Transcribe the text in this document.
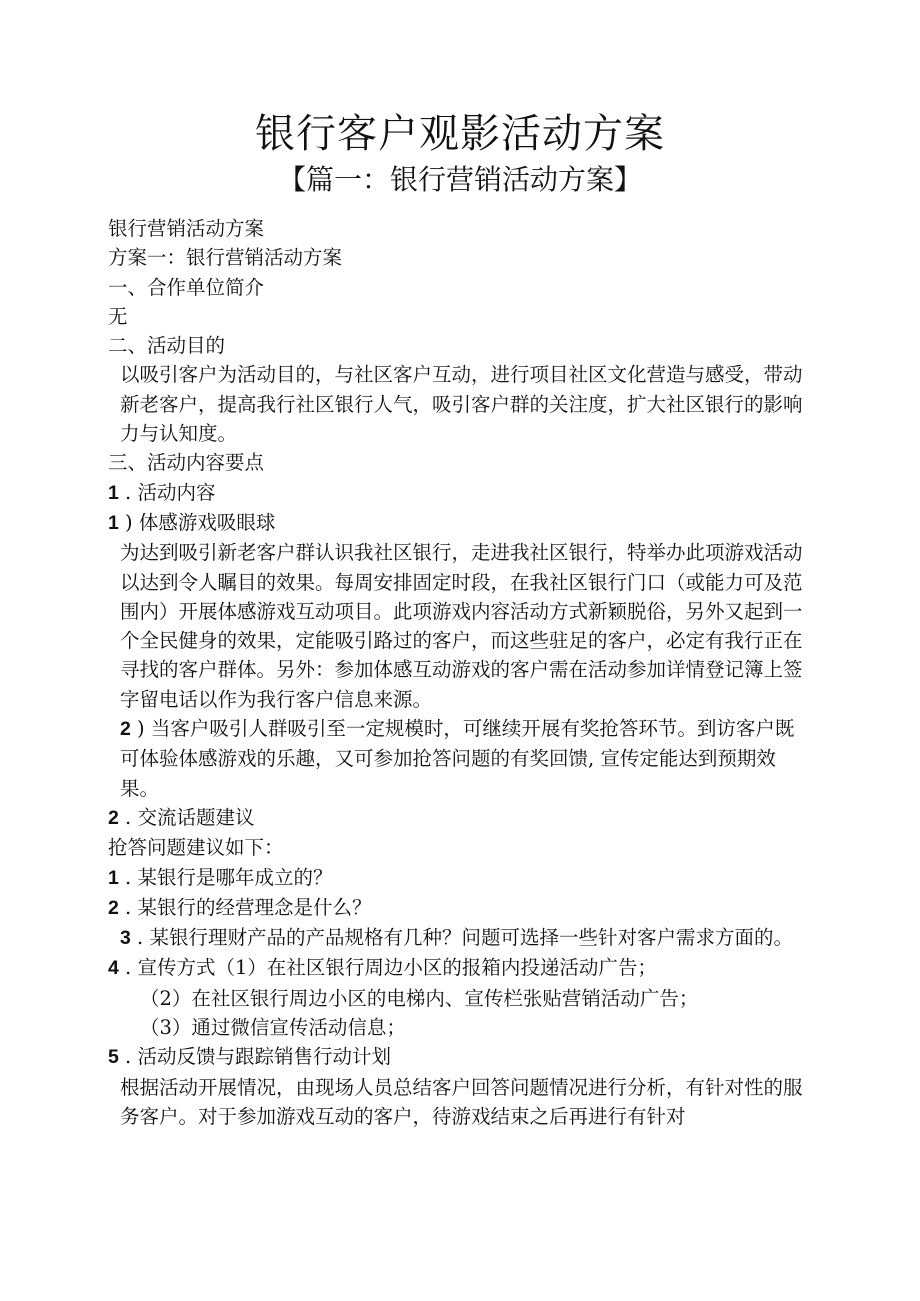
银行客户观影活动方案
【篇一：银行营销活动方案】

银行营销活动方案

方案一：银行营销活动方案

一、合作单位简介

无

二、活动目的

以吸引客户为活动目的，与社区客户互动，进行项目社区文化营造与感受，带动新老客户，提高我行社区银行人气，吸引客户群的关注度，扩大社区银行的影响力与认知度。

三、活动内容要点

1 . 活动内容

1 ) 体感游戏吸眼球

为达到吸引新老客户群认识我社区银行，走进我社区银行，特举办此项游戏活动以达到令人瞩目的效果。每周安排固定时段，在我社区银行门口（或能力可及范围内）开展体感游戏互动项目。此项游戏内容活动方式新颖脱俗，另外又起到一个全民健身的效果，定能吸引路过的客户，而这些驻足的客户，必定有我行正在寻找的客户群体。另外：参加体感互动游戏的客户需在活动参加详情登记簿上签字留电话以作为我行客户信息来源。

2 ) 当客户吸引人群吸引至一定规模时，可继续开展有奖抢答环节。到访客户既可体验体感游戏的乐趣，又可参加抢答问题的有奖回馈, 宣传定能达到预期效果。

2 . 交流话题建议

抢答问题建议如下：

1 . 某银行是哪年成立的？

2 . 某银行的经营理念是什么？

3 . 某银行理财产品的产品规格有几种？问题可选择一些针对客户需求方面的。

4 . 宣传方式（1）在社区银行周边小区的报箱内投递活动广告；

（2）在社区银行周边小区的电梯内、宣传栏张贴营销活动广告；

（3）通过微信宣传活动信息；

5 . 活动反馈与跟踪销售行动计划

根据活动开展情况，由现场人员总结客户回答问题情况进行分析，有针对性的服务客户。对于参加游戏互动的客户，待游戏结束之后再进行有针对
